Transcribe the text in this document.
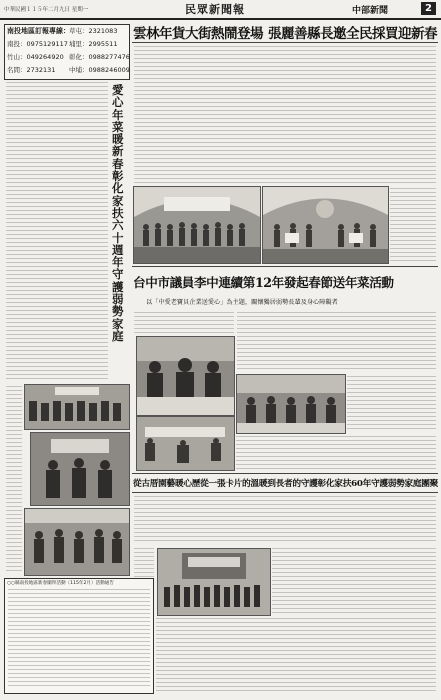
中華民國１１５年二月九日 星期一	民眾新聞報	中部新聞	2
南投地區訂報專線： 草屯：2321083
南投：0975129117 埔里：2995511
竹山：049264920 彰化：0988277476
名間：2732131 中埔：0988246009
雲林年貨大街熱鬧登場 張麗善縣長邀全民採買迎新春
愛心年菜暖新春彰化家扶六十週年守護弱勢家庭
台中市議員李中連續第12年發起春節送年菜活動
以「中愛老寶貝企業送愛心」為主題，關懷獨居弱勢長輩及身心障礙者
從古厝園藝暖心歷從一張卡片的溫暖到長者的守護彰化家扶60年守護弱勢家庭團聚
○○縣南投地區新春團拜活動（115年2月）活動通告
